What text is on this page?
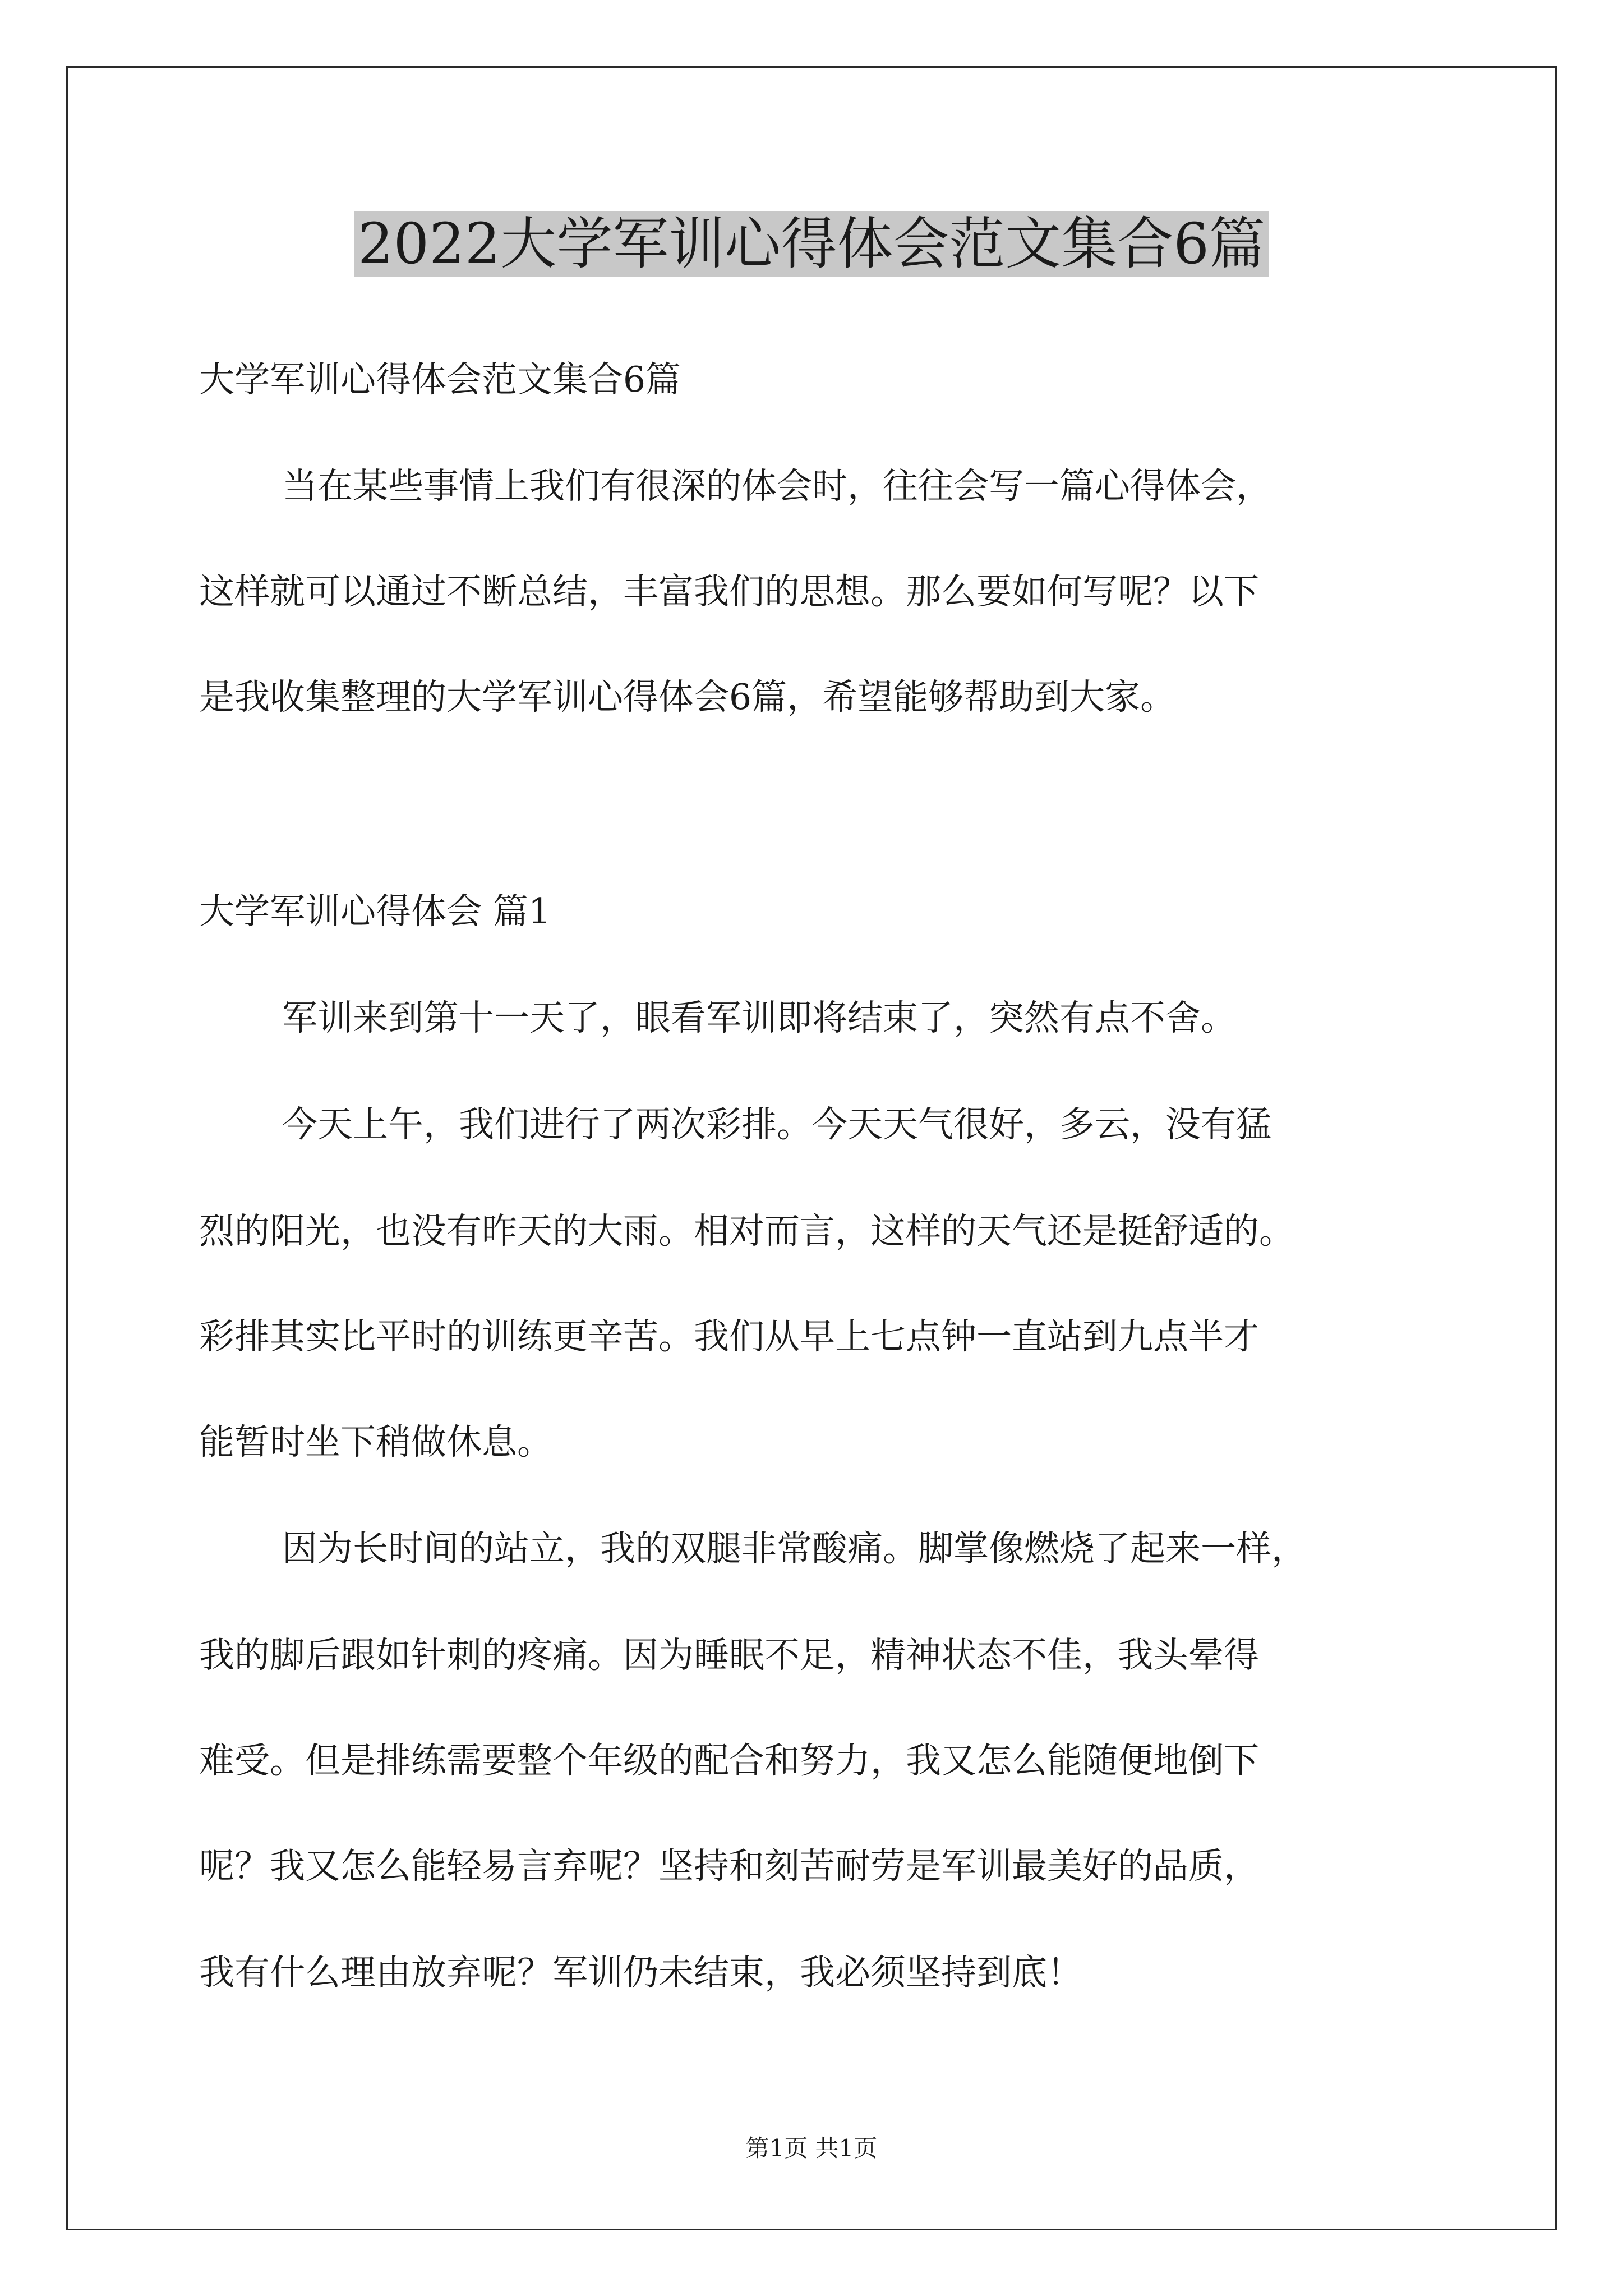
2022大学军训心得体会范文集合6篇
大学军训心得体会范文集合6篇
当在某些事情上我们有很深的体会时，往往会写一篇心得体会，
这样就可以通过不断总结，丰富我们的思想。那么要如何写呢？以下
是我收集整理的大学军训心得体会6篇，希望能够帮助到大家。
大学军训心得体会 篇1
军训来到第十一天了，眼看军训即将结束了，突然有点不舍。
今天上午，我们进行了两次彩排。今天天气很好，多云，没有猛
烈的阳光，也没有昨天的大雨。相对而言，这样的天气还是挺舒适的。
彩排其实比平时的训练更辛苦。我们从早上七点钟一直站到九点半才
能暂时坐下稍做休息。
因为长时间的站立，我的双腿非常酸痛。脚掌像燃烧了起来一样，
我的脚后跟如针刺的疼痛。因为睡眠不足，精神状态不佳，我头晕得
难受。但是排练需要整个年级的配合和努力，我又怎么能随便地倒下
呢？我又怎么能轻易言弃呢？坚持和刻苦耐劳是军训最美好的品质，
我有什么理由放弃呢？军训仍未结束，我必须坚持到底！
第1页 共1页
